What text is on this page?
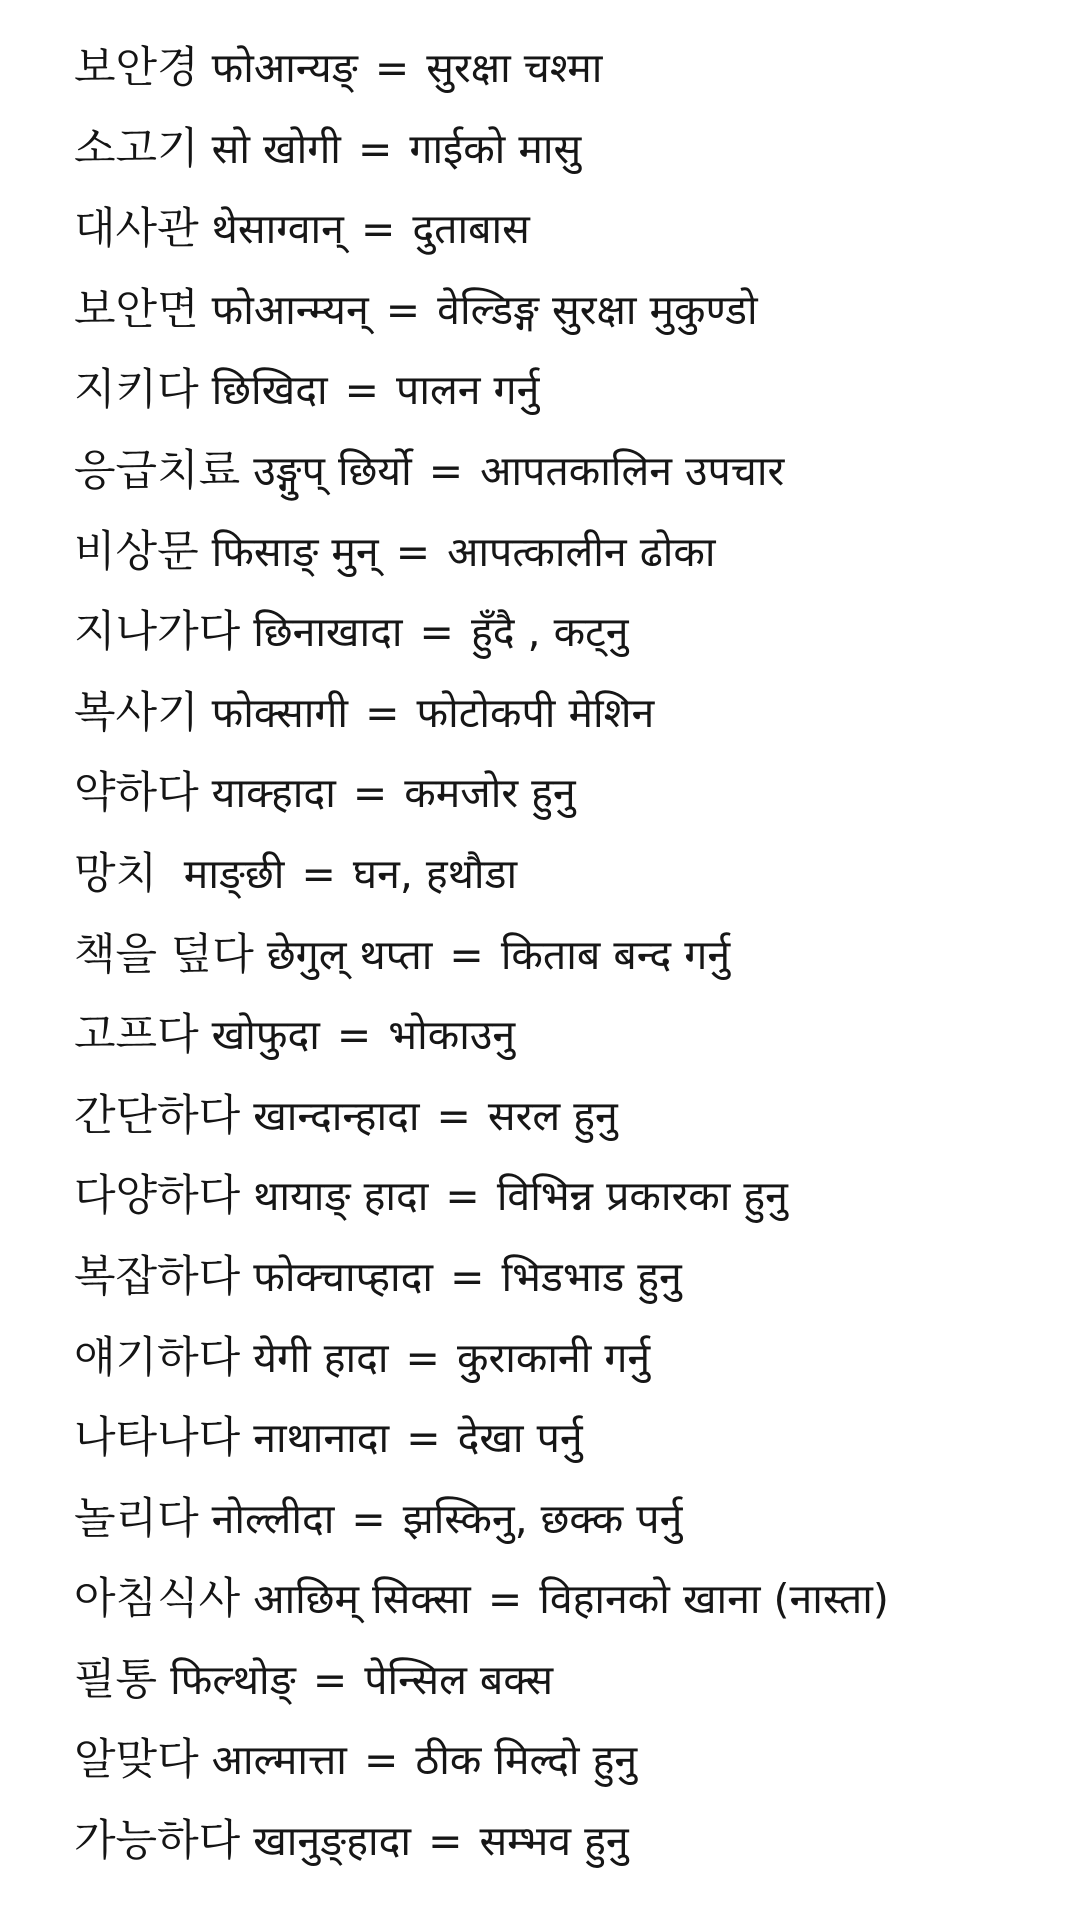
보안경 फोआन्यङ् = सुरक्षा चश्मा
소고기 सो खोगी = गाईको मासु
대사관 थेसाग्वान् = दुताबास
보안면 फोआन्म्यन् = वेल्डिङ्ग सुरक्षा मुकुण्डो
지키다 छिखिदा = पालन गर्नु
응급치료 उङ्गुप् छिर्यो = आपतकालिन उपचार
비상문 फिसाङ् मुन् = आपत्कालीन ढोका
지나가다 छिनाखादा = हुँदै , कट्नु
복사기 फोक्सागी = फोटोकपी मेशिन
약하다 याक्हादा = कमजोर हुनु
망치  माङ्छी = घन, हथौडा
책을 덮다 छेगुल् थप्ता = किताब बन्द गर्नु
고프다 खोफुदा = भोकाउनु
간단하다 खान्दान्हादा = सरल हुनु
다양하다 थायाङ् हादा = विभिन्न प्रकारका हुनु
복잡하다 फोक्चाप्हादा = भिडभाड हुनु
얘기하다 येगी हादा = कुराकानी गर्नु
나타나다 नाथानादा = देखा पर्नु
놀리다 नोल्लीदा = झस्किनु, छक्क पर्नु
아침식사 आछिम् सिक्सा = विहानको खाना (नास्ता)
필통 फिल्थोङ् = पेन्सिल बक्स
알맞다 आल्मात्ता = ठीक मिल्दो हुनु
가능하다 खानुङ्हादा = सम्भव हुनु
